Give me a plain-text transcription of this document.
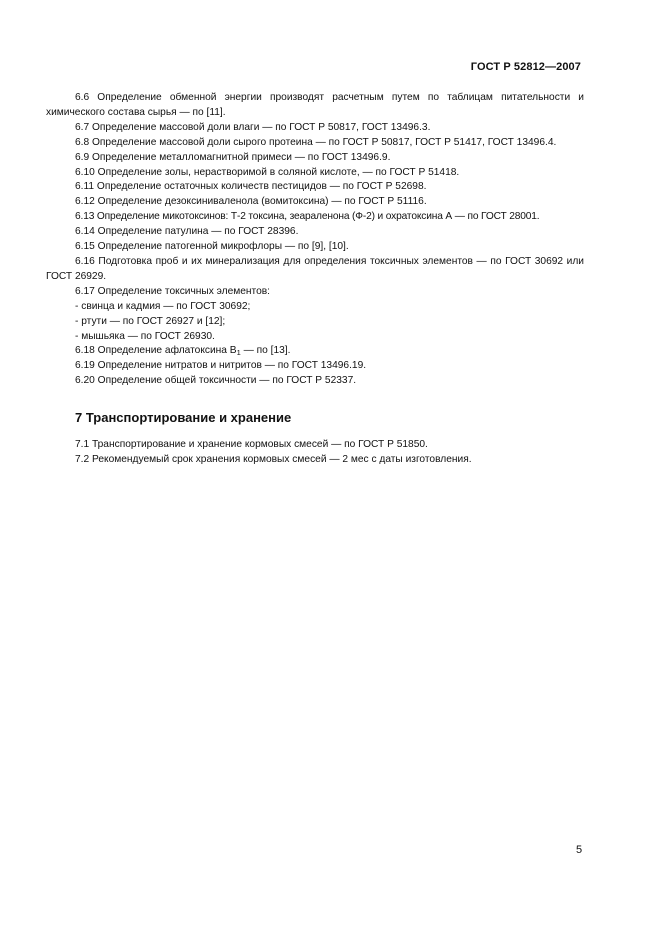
ГОСТ Р 52812—2007

6.6 Определение обменной энергии производят расчетным путем по таблицам питательности и химического состава сырья — по [11].

6.7 Определение массовой доли влаги — по ГОСТ Р 50817, ГОСТ 13496.3.

6.8 Определение массовой доли сырого протеина — по ГОСТ Р 50817, ГОСТ Р 51417, ГОСТ 13496.4.

6.9 Определение металломагнитной примеси — по ГОСТ 13496.9.

6.10 Определение золы, нерастворимой в соляной кислоте, — по ГОСТ Р 51418.

6.11 Определение остаточных количеств пестицидов — по ГОСТ Р 52698.

6.12 Определение дезоксиниваленола (вомитоксина) — по ГОСТ Р 51116.

6.13 Определение микотоксинов: Т-2 токсина, зеараленона (Ф-2) и охратоксина А — по ГОСТ 28001.

6.14 Определение патулина — по ГОСТ 28396.

6.15 Определение патогенной микрофлоры — по [9], [10].

6.16 Подготовка проб и их минерализация для определения токсичных элементов — по ГОСТ 30692 или ГОСТ 26929.

6.17 Определение токсичных элементов:

- свинца и кадмия — по ГОСТ 30692;

- ртути — по ГОСТ 26927 и [12];

- мышьяка — по ГОСТ 26930.

6.18 Определение афлатоксина $В_1$ — по [13].

6.19 Определение нитратов и нитритов — по ГОСТ 13496.19.

6.20 Определение общей токсичности — по ГОСТ Р 52337.

7 Транспортирование и хранение

7.1 Транспортирование и хранение кормовых смесей — по ГОСТ Р 51850.

7.2 Рекомендуемый срок хранения кормовых смесей — 2 мес с даты изготовления.

5
